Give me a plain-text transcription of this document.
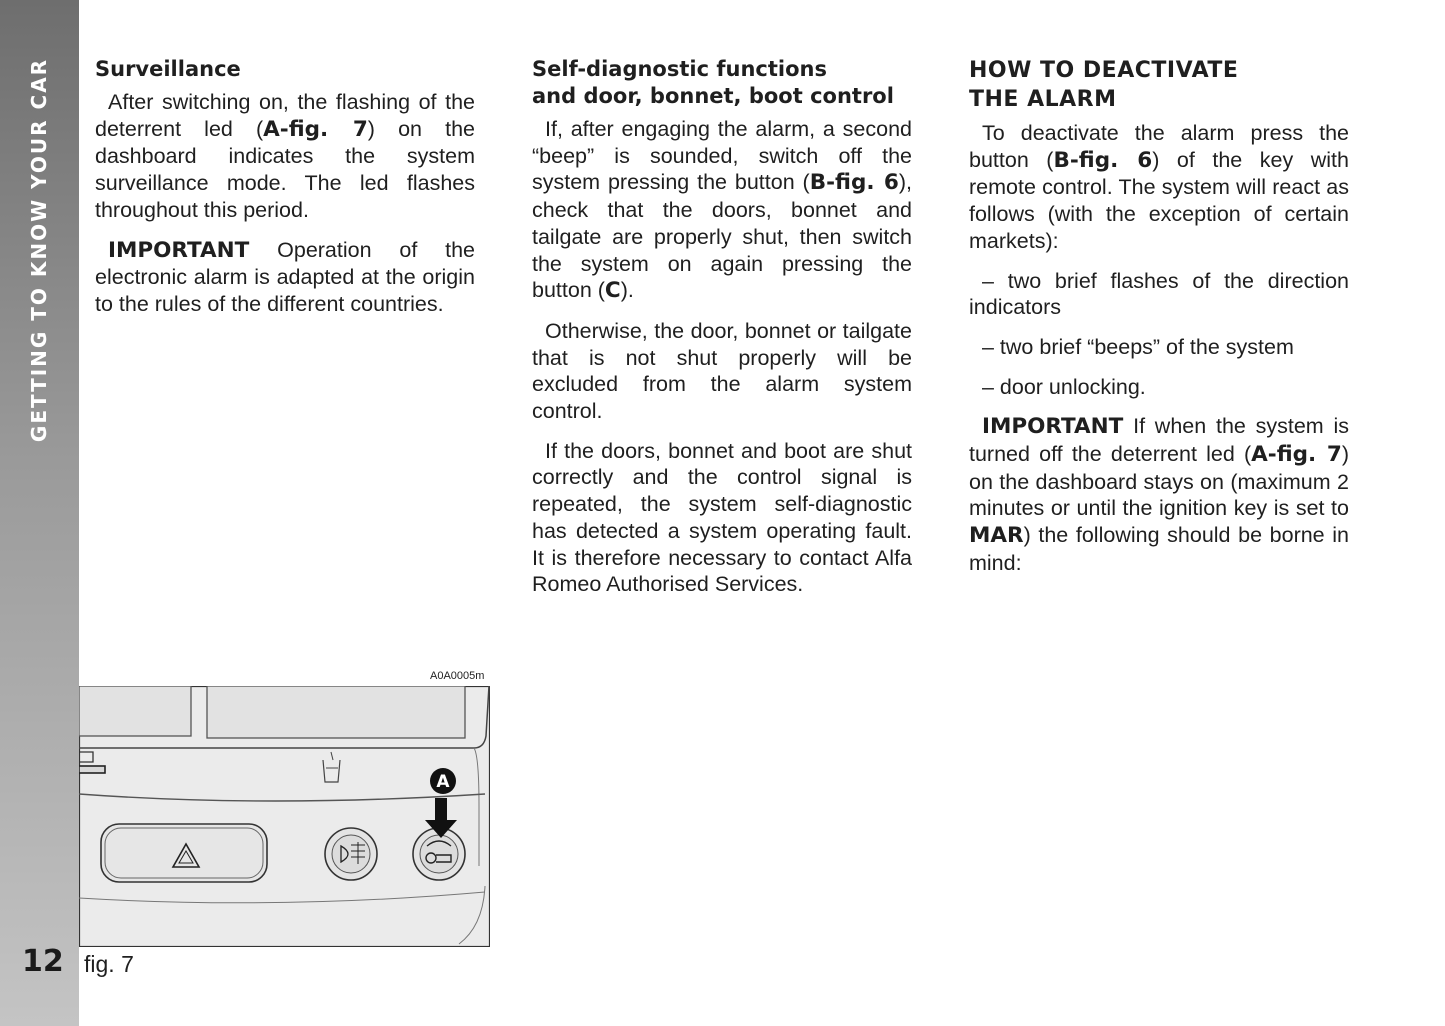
GETTING TO KNOW YOUR CAR
12
Surveillance

After switching on, the flashing of the deterrent led (A-fig. 7) on the dashboard indicates the system surveillance mode. The led flashes throughout this period.

IMPORTANT Operation of the electronic alarm is adapted at the origin to the rules of the different countries.

Self-diagnostic functions
and door, bonnet, boot control

If, after engaging the alarm, a second “beep” is sounded, switch off the system pressing the button (B-fig. 6), check that the doors, bonnet and tailgate are properly shut, then switch the system on again pressing the button (C).

Otherwise, the door, bonnet or tailgate that is not shut properly will be excluded from the alarm system control.

If the doors, bonnet and boot are shut correctly and the control signal is repeated, the system self-diagnostic has detected a system operating fault. It is therefore necessary to contact Alfa Romeo Authorised Services.

HOW TO DEACTIVATE
THE ALARM

To deactivate the alarm press the button (B-fig. 6) of the key with remote control. The system will react as follows (with the exception of certain markets):

– two brief flashes of the direction indicators

– two brief “beeps” of the system

– door unlocking.

IMPORTANT If when the system is turned off the deterrent led (A-fig. 7) on the dashboard stays on (maximum 2 minutes or until the ignition key is set to MAR) the following should be borne in mind:

A0A0005m
A
fig. 7
